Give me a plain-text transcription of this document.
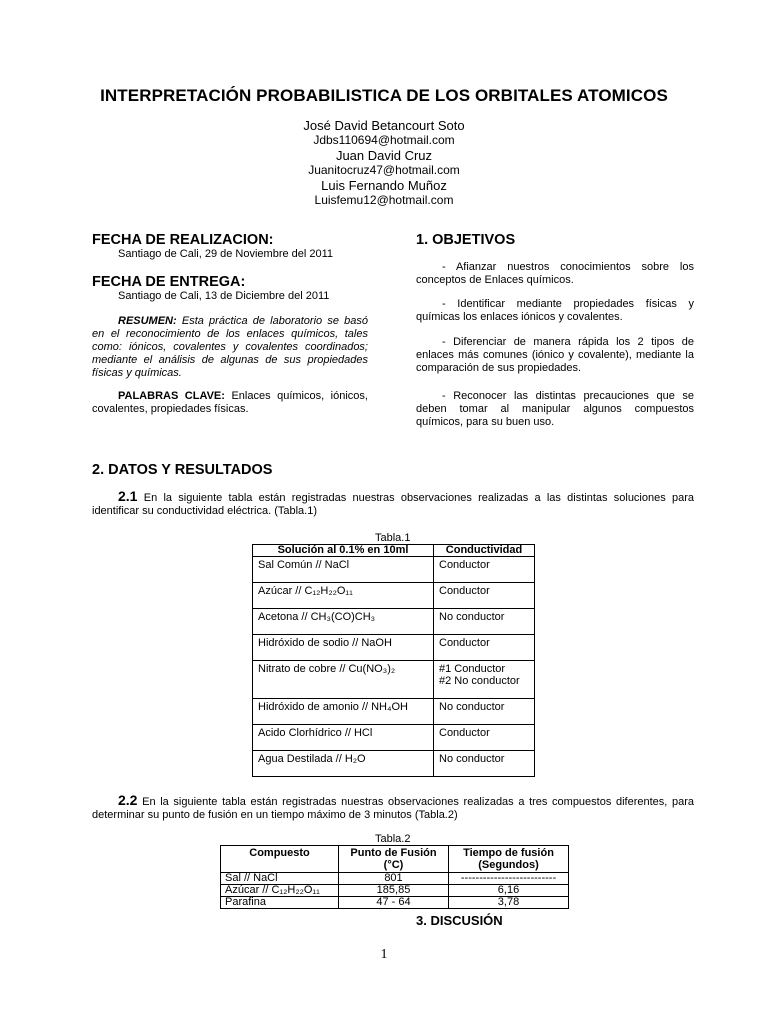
INTERPRETACIÓN PROBABILISTICA DE LOS ORBITALES ATOMICOS
José David Betancourt Soto
Jdbs110694@hotmail.com
Juan David Cruz
Juanitocruz47@hotmail.com
Luis Fernando Muñoz
Luisfemu12@hotmail.com
FECHA DE REALIZACION:
Santiago de Cali, 29 de Noviembre del 2011
FECHA DE ENTREGA:
Santiago de Cali, 13 de Diciembre del 2011
RESUMEN: Esta práctica de laboratorio se basó en el reconocimiento de los enlaces químicos, tales como: iónicos, covalentes y covalentes coordinados; mediante el análisis de algunas de sus propiedades físicas y químicas.
PALABRAS CLAVE: Enlaces químicos, iónicos, covalentes, propiedades físicas.
1. OBJETIVOS
- Afianzar nuestros conocimientos sobre los conceptos de Enlaces químicos.
- Identificar mediante propiedades físicas y químicas los enlaces iónicos y covalentes.
- Diferenciar de manera rápida los 2 tipos de enlaces más comunes (iónico y covalente), mediante la comparación de sus propiedades.
- Reconocer las distintas precauciones que se deben tomar al manipular algunos compuestos químicos, para su buen uso.
2. DATOS Y RESULTADOS
2.1 En la siguiente tabla están registradas nuestras observaciones realizadas a las distintas soluciones para identificar su conductividad eléctrica. (Tabla.1)
Tabla.1
Solución al 0.1% en 10ml	Conductividad
Sal Común // NaCl	Conductor
Azúcar // C₁₂H₂₂O₁₁	Conductor
Acetona // CH₃(CO)CH₃	No conductor
Hidróxido de sodio // NaOH	Conductor
Nitrato de cobre // Cu(NO₃)₂	#1 Conductor
#2 No conductor

Hidróxido de amonio // NH₄OH	No conductor
Acido Clorhídrico // HCl	Conductor
Agua Destilada // H₂O	No conductor
2.2 En la siguiente tabla están registradas nuestras observaciones realizadas a tres compuestos diferentes, para determinar su punto de fusión en un tiempo máximo de 3 minutos (Tabla.2)
Tabla.2
Compuesto	Punto de Fusión (°C)	Tiempo de fusión (Segundos)
Sal // NaCl	801	--------------------------
Azúcar // C₁₂H₂₂O₁₁	185,85	6,16
Parafina	47 - 64	3,78
3. DISCUSIÓN
1
